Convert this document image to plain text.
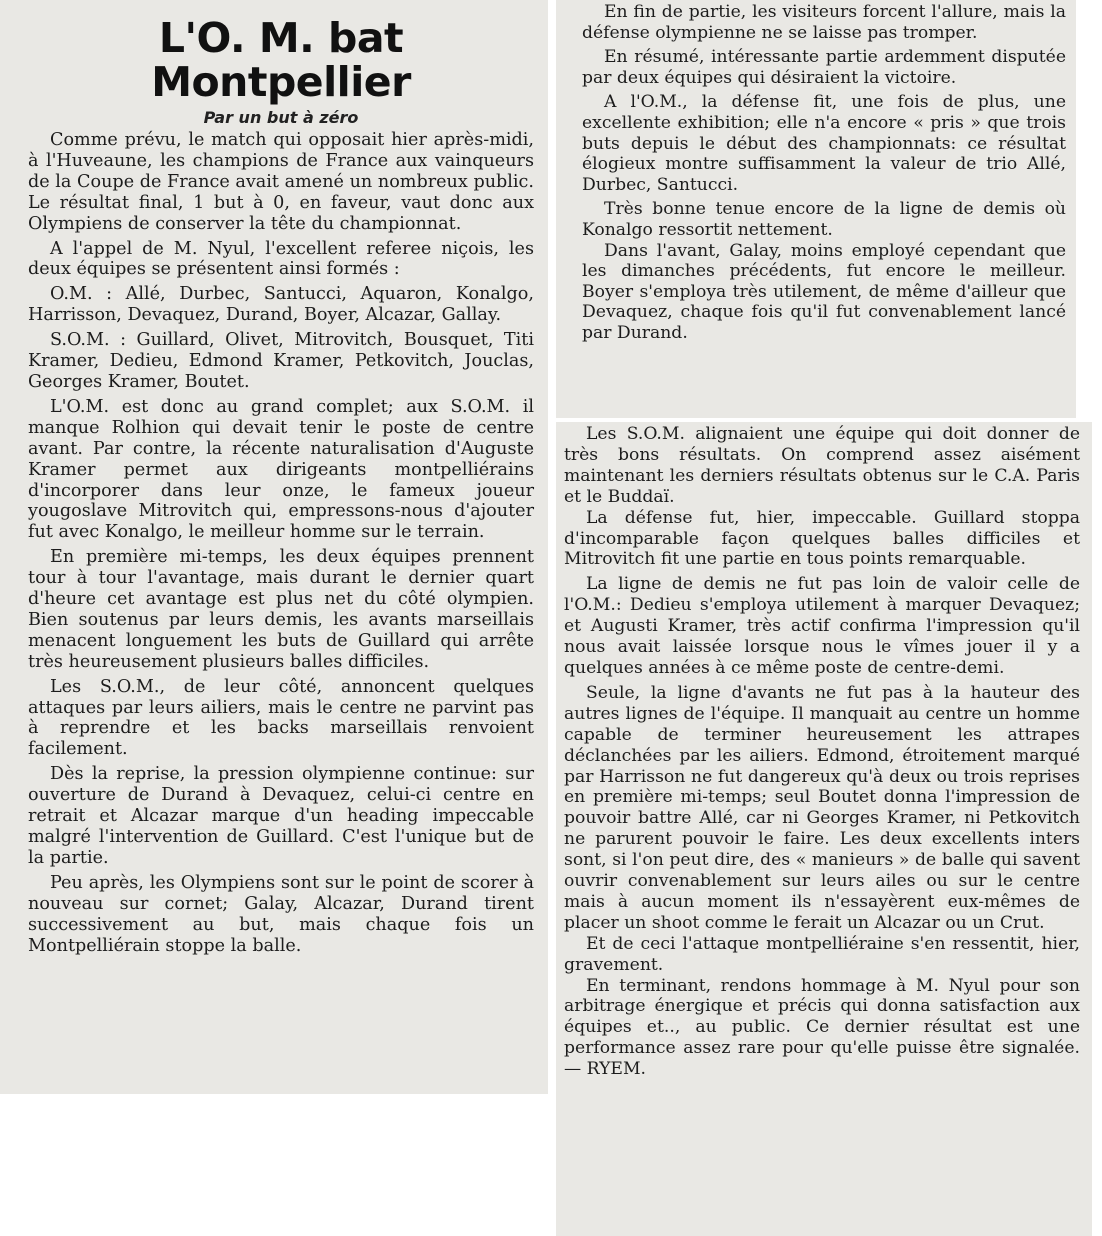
L'O. M. bat Montpellier
Par un but à zéro

Comme prévu, le match qui opposait hier après-midi, à l'Huveaune, les champions de France aux vainqueurs de la Coupe de France avait amené un nombreux public. Le résultat final, 1 but à 0, en faveur, vaut donc aux Olympiens de conserver la tête du championnat.

A l'appel de M. Nyul, l'excellent referee niçois, les deux équipes se présentent ainsi formés :

O.M. : Allé, Durbec, Santucci, Aquaron, Konalgo, Harrisson, Devaquez, Durand, Boyer, Alcazar, Gallay.

S.O.M. : Guillard, Olivet, Mitrovitch, Bousquet, Titi Kramer, Dedieu, Edmond Kramer, Petkovitch, Jouclas, Georges Kramer, Boutet.

L'O.M. est donc au grand complet; aux S.O.M. il manque Rolhion qui devait tenir le poste de centre avant. Par contre, la récente naturalisation d'Auguste Kramer permet aux dirigeants montpelliérains d'incorporer dans leur onze, le fameux joueur yougoslave Mitrovitch qui, empressons-nous d'ajouter fut avec Konalgo, le meilleur homme sur le terrain.

En première mi-temps, les deux équipes prennent tour à tour l'avantage, mais durant le dernier quart d'heure cet avantage est plus net du côté olympien. Bien soutenus par leurs demis, les avants marseillais menacent longuement les buts de Guillard qui arrête très heureusement plusieurs balles difficiles.

Les S.O.M., de leur côté, annoncent quelques attaques par leurs ailiers, mais le centre ne parvint pas à reprendre et les backs marseillais renvoient facilement.

Dès la reprise, la pression olympienne continue: sur ouverture de Durand à Devaquez, celui-ci centre en retrait et Alcazar marque d'un heading impeccable malgré l'intervention de Guillard. C'est l'unique but de la partie.

Peu après, les Olympiens sont sur le point de scorer à nouveau sur cornet; Galay, Alcazar, Durand tirent successivement au but, mais chaque fois un Montpelliérain stoppe la balle.

En fin de partie, les visiteurs forcent l'allure, mais la défense olympienne ne se laisse pas tromper.

En résumé, intéressante partie ardemment disputée par deux équipes qui désiraient la victoire.

A l'O.M., la défense fit, une fois de plus, une excellente exhibition; elle n'a encore « pris » que trois buts depuis le début des championnats: ce résultat élogieux montre suffisamment la valeur de trio Allé, Durbec, Santucci.

Très bonne tenue encore de la ligne de demis où Konalgo ressortit nettement.

Dans l'avant, Galay, moins employé cependant que les dimanches précédents, fut encore le meilleur. Boyer s'employa très utilement, de même d'ailleur que Devaquez, chaque fois qu'il fut convenablement lancé par Durand.

Les S.O.M. alignaient une équipe qui doit donner de très bons résultats. On comprend assez aisément maintenant les derniers résultats obtenus sur le C.A. Paris et le Buddaï.

La défense fut, hier, impeccable. Guillard stoppa d'incomparable façon quelques balles difficiles et Mitrovitch fit une partie en tous points remarquable.

La ligne de demis ne fut pas loin de valoir celle de l'O.M.: Dedieu s'employa utilement à marquer Devaquez; et Augusti Kramer, très actif confirma l'impression qu'il nous avait laissée lorsque nous le vîmes jouer il y a quelques années à ce même poste de centre-demi.

Seule, la ligne d'avants ne fut pas à la hauteur des autres lignes de l'équipe. Il manquait au centre un homme capable de terminer heureusement les attrapes déclanchées par les ailiers. Edmond, étroitement marqué par Harrisson ne fut dangereux qu'à deux ou trois reprises en première mi-temps; seul Boutet donna l'impression de pouvoir battre Allé, car ni Georges Kramer, ni Petkovitch ne parurent pouvoir le faire. Les deux excellents inters sont, si l'on peut dire, des « manieurs » de balle qui savent ouvrir convenablement sur leurs ailes ou sur le centre mais à aucun moment ils n'essayèrent eux-mêmes de placer un shoot comme le ferait un Alcazar ou un Crut.

Et de ceci l'attaque montpelliéraine s'en ressentit, hier, gravement.

En terminant, rendons hommage à M. Nyul pour son arbitrage énergique et précis qui donna satisfaction aux équipes et.., au public. Ce dernier résultat est une performance assez rare pour qu'elle puisse être signalée. — RYEM.
